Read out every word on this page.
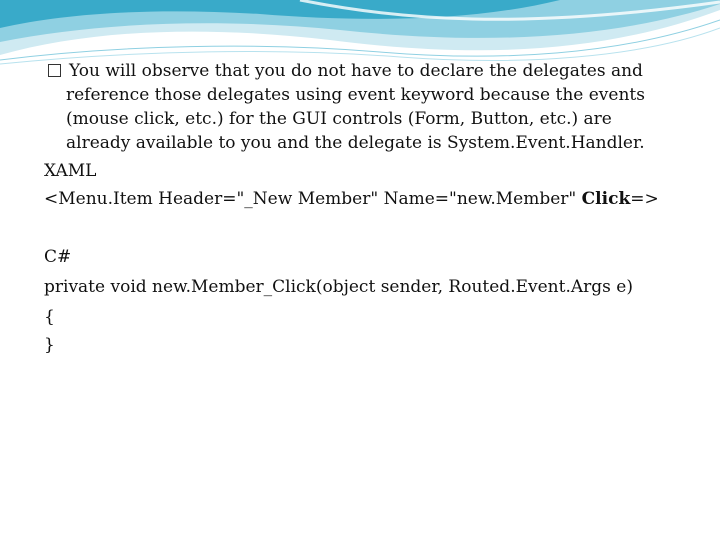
You will observe that you do not have to declare the delegates and
reference those delegates using event keyword because the events
(mouse click, etc.) for the GUI controls (Form, Button, etc.) are
already available to you and the delegate is System.Event.Handler.
XAML
<Menu.Item Header="_New Member" Name="new.Member" Click=>
C#
private void new.Member_Click(object sender, Routed.Event.Args e)
{
}
